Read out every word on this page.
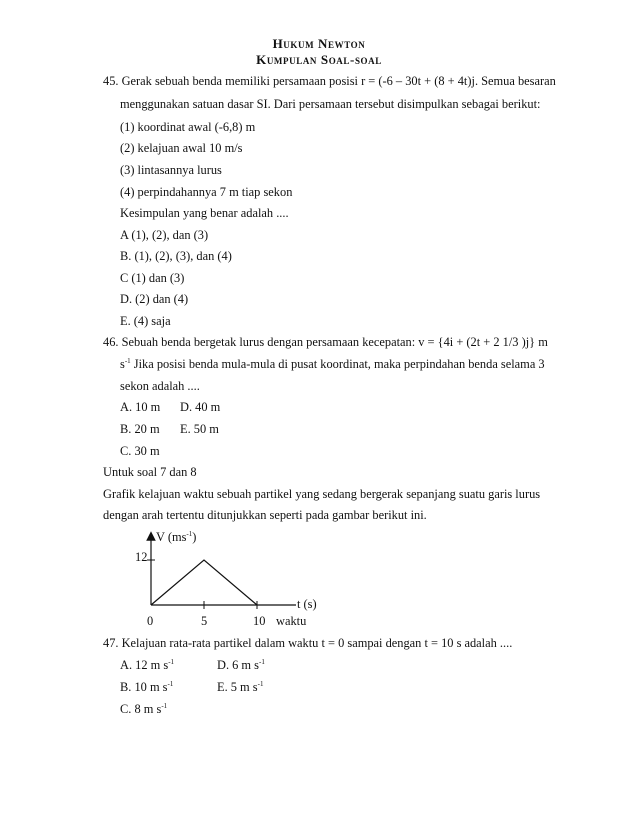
Hukum Newton
Kumpulan Soal-soal
45. Gerak sebuah benda memiliki persamaan posisi r = (-6 – 30t + (8 + 4t)j. Semua besaran
menggunakan satuan dasar SI. Dari persamaan tersebut disimpulkan sebagai berikut:
(1) koordinat awal (-6,8) m
(2) kelajuan awal 10 m/s
(3) lintasannya lurus
(4) perpindahannya 7 m tiap sekon
Kesimpulan yang benar adalah ....
A (1), (2), dan (3)
B. (1), (2), (3), dan (4)
C (1) dan (3)
D. (2) dan (4)
E. (4) saja
46. Sebuah benda bergetak lurus dengan persamaan kecepatan: v = {4i + (2t + 2 1/3 )j} m
$s^{-1}$ Jika posisi benda mula-mula di pusat koordinat, maka perpindahan benda selama 3
sekon adalah ....
A. 10 m D. 40 m
B. 20 m E. 50 m
C. 30 m
Untuk soal 7 dan 8
Grafik kelajuan waktu sebuah partikel yang sedang bergerak sepanjang suatu garis lurus
dengan arah tertentu ditunjukkan seperti pada gambar berikut ini.
V $(ms^{-1})$
12
t (s)
0	5	10 waktu
47. Kelajuan rata-rata partikel dalam waktu t = 0 sampai dengan t = 10 s adalah ....
A. 12 m $s^{-1}$	D. 6 m $s^{-1}$
B. 10 m $s^{-1}$	E. 5 m $s^{-1}$
C. 8 m $s^{-1}$
